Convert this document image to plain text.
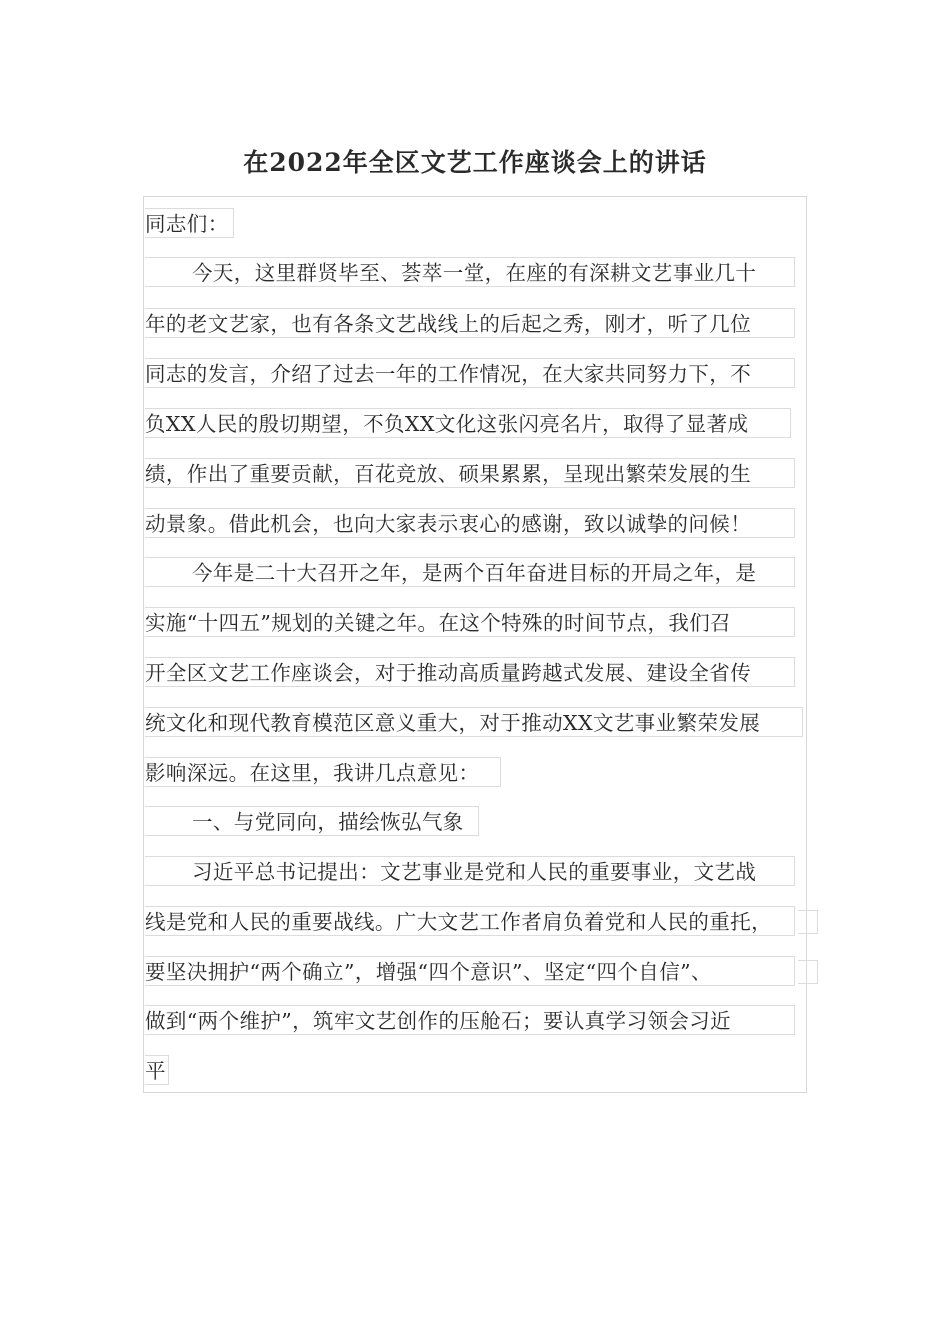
在2022年全区文艺工作座谈会上的讲话
同志们：
今天，这里群贤毕至、荟萃一堂，在座的有深耕文艺事业几十
年的老文艺家，也有各条文艺战线上的后起之秀，刚才，听了几位
同志的发言，介绍了过去一年的工作情况，在大家共同努力下，不
负XX人民的殷切期望，不负XX文化这张闪亮名片，取得了显著成
绩，作出了重要贡献，百花竞放、硕果累累，呈现出繁荣发展的生
动景象。借此机会，也向大家表示衷心的感谢，致以诚挚的问候！
今年是二十大召开之年，是两个百年奋进目标的开局之年，是
实施“十四五”规划的关键之年。在这个特殊的时间节点，我们召
开全区文艺工作座谈会，对于推动高质量跨越式发展、建设全省传
统文化和现代教育模范区意义重大，对于推动XX文艺事业繁荣发展
影响深远。在这里，我讲几点意见：
一、与党同向，描绘恢弘气象
习近平总书记提出：文艺事业是党和人民的重要事业，文艺战
线是党和人民的重要战线。广大文艺工作者肩负着党和人民的重托，
要坚决拥护“两个确立”，增强“四个意识”、坚定“四个自信”、
做到“两个维护”，筑牢文艺创作的压舱石；要认真学习领会习近
平
